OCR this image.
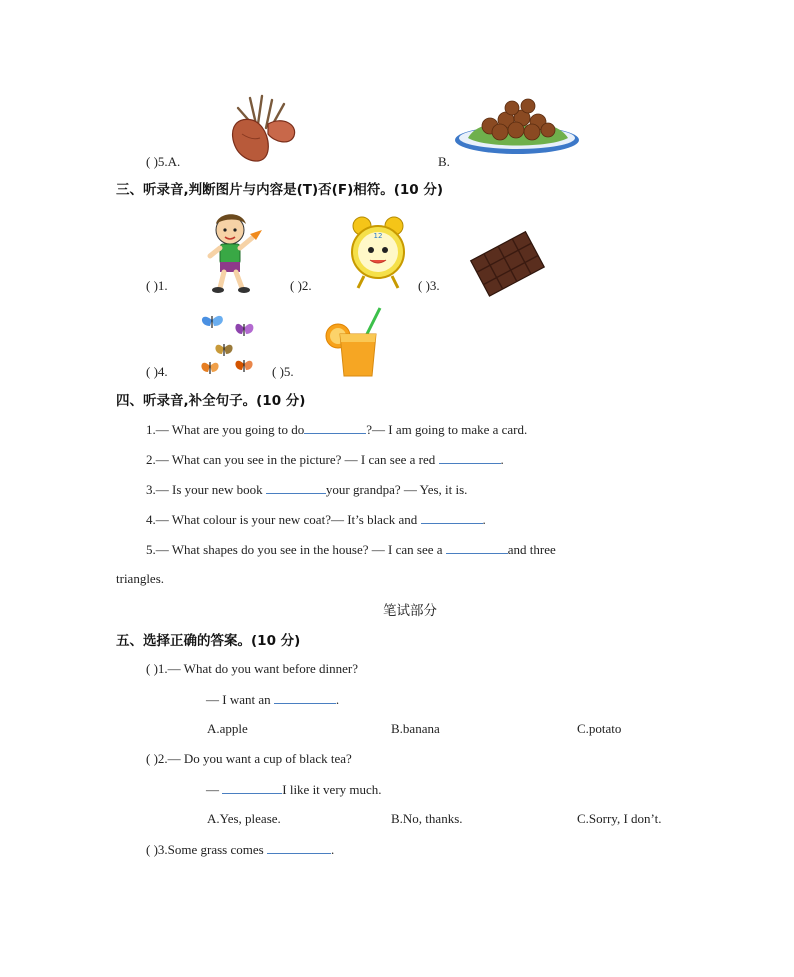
( )5.A.	B.
三、听录音,判断图片与内容是(T)否(F)相符。(10 分)
( )1.	( )2.
12
( )3.
( )4.	( )5.
四、听录音,补全句子。(10 分)
1.— What are you going to do	?— I am going to make a card.
2.— What can you see in the picture? — I can see a red	.
3.— Is your new book	your grandpa? — Yes, it is.
4.— What colour is your new coat?— It’s black and	.
5.— What shapes do you see in the house? — I can see a	and three
triangles.
笔试部分
五、选择正确的答案。(10 分)
( )1.— What do you want before dinner?
— I want an	.
A.apple	B.banana	C.potato
( )2.— Do you want a cup of black tea?
—	I like it very much.
A.Yes, please.	B.No, thanks.	C.Sorry, I don’t.
( )3.Some grass comes	.
